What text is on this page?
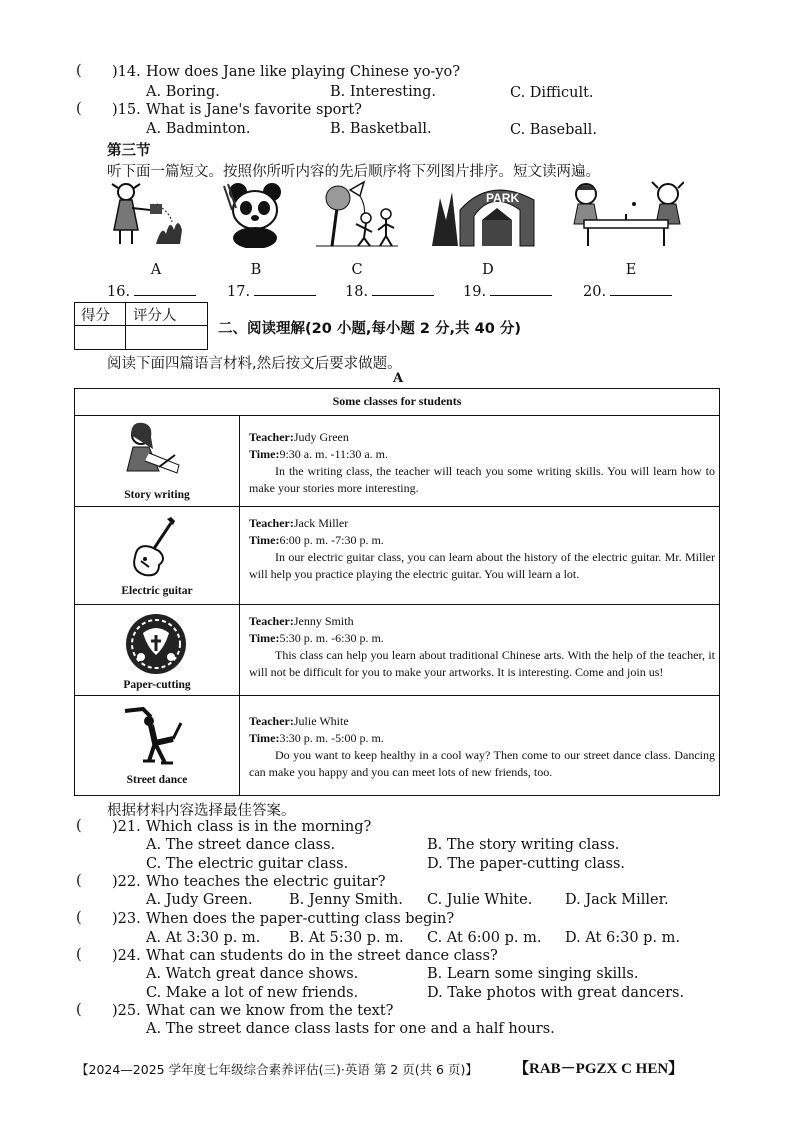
( )14. How does Jane like playing Chinese yo-yo?
A. Boring.	B. Interesting.	C. Difficult.
( )15. What is Jane's favorite sport?
A. Badminton.	B. Basketball.	C. Baseball.
第三节
听下面一篇短文。按照你所听内容的先后顺序将下列图片排序。短文读两遍。
PARK
A	B	C	D	E
16.	17.	18.	19.	20.
得分 评分人
二、阅读理解(20 小题,每小题 2 分,共 40 分)
阅读下面四篇语言材料,然后按文后要求做题。
A
Some classes for students
Story writing
Teacher:Judy Green
Time:9:30 a. m. -11:30 a. m.

In the writing class, the teacher will teach you some writing skills. You will learn how to make your stories more interesting.

Electric guitar
Teacher:Jack Miller
Time:6:00 p. m. -7:30 p. m.

In our electric guitar class, you can learn about the history of the electric guitar. Mr. Miller will help you practice playing the electric guitar. You will learn a lot.

Paper-cutting
Teacher:Jenny Smith
Time:5:30 p. m. -6:30 p. m.

This class can help you learn about traditional Chinese arts. With the help of the teacher, it will not be difficult for you to make your artworks. It is interesting. Come and join us!

Street dance
Teacher:Julie White
Time:3:30 p. m. -5:00 p. m.

Do you want to keep healthy in a cool way? Then come to our street dance class. Dancing can make you happy and you can meet lots of new friends, too.

根据材料内容选择最佳答案。
( )21. Which class is in the morning?
A. The street dance class.	B. The story writing class.
C. The electric guitar class.	D. The paper-cutting class.
( )22. Who teaches the electric guitar?
A. Judy Green.	B. Jenny Smith. C. Julie White. D. Jack Miller.
( )23. When does the paper-cutting class begin?
A. At 3:30 p. m. B. At 5:30 p. m. C. At 6:00 p. m. D. At 6:30 p. m.
( )24. What can students do in the street dance class?
A. Watch great dance shows.	B. Learn some singing skills.
C. Make a lot of new friends.	D. Take photos with great dancers.
( )25. What can we know from the text?
A. The street dance class lasts for one and a half hours.
【2024—2025 学年度七年级综合素养评估(三)·英语 第 2 页(共 6 页)】 【RAB－PGZX C HEN】
